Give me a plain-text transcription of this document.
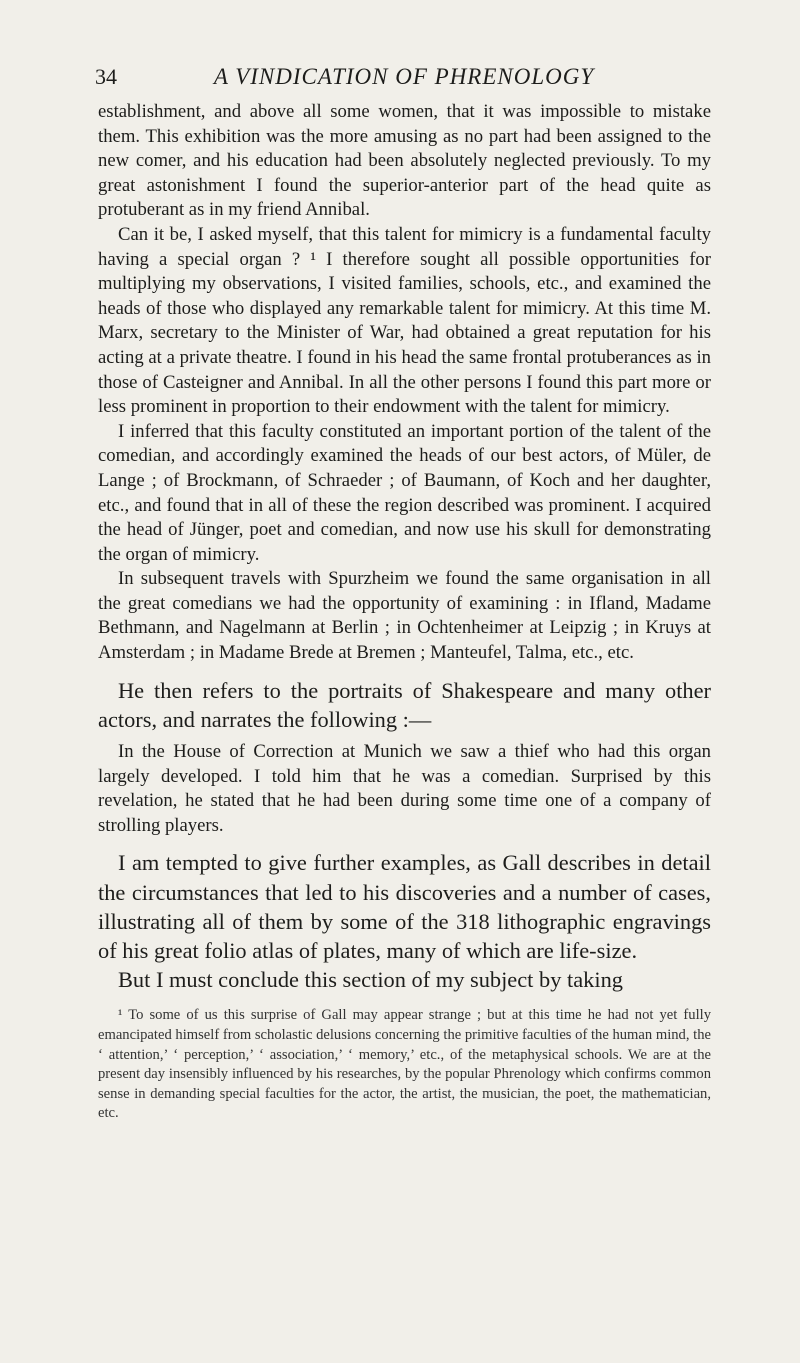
34	A VINDICATION OF PHRENOLOGY

establishment, and above all some women, that it was impossible to mistake them. This exhibition was the more amusing as no part had been assigned to the new comer, and his education had been absolutely neglected previously. To my great astonishment I found the superior-anterior part of the head quite as protuberant as in my friend Annibal.

Can it be, I asked myself, that this talent for mimicry is a fundamental faculty having a special organ ? ¹ I therefore sought all possible opportunities for multiplying my observations, I visited families, schools, etc., and examined the heads of those who displayed any remarkable talent for mimicry. At this time M. Marx, secretary to the Minister of War, had obtained a great reputation for his acting at a private theatre. I found in his head the same frontal protuberances as in those of Casteigner and Annibal. In all the other persons I found this part more or less prominent in proportion to their endowment with the talent for mimicry.

I inferred that this faculty constituted an important portion of the talent of the comedian, and accordingly examined the heads of our best actors, of Müler, de Lange ; of Brockmann, of Schraeder ; of Baumann, of Koch and her daughter, etc., and found that in all of these the region described was prominent. I acquired the head of Jünger, poet and comedian, and now use his skull for demonstrating the organ of mimicry.

In subsequent travels with Spurzheim we found the same organisation in all the great comedians we had the opportunity of examining : in Ifland, Madame Bethmann, and Nagelmann at Berlin ; in Ochtenheimer at Leipzig ; in Kruys at Amsterdam ; in Madame Brede at Bremen ; Manteufel, Talma, etc., etc.

He then refers to the portraits of Shakespeare and many other actors, and narrates the following :—

In the House of Correction at Munich we saw a thief who had this organ largely developed. I told him that he was a comedian. Surprised by this revelation, he stated that he had been during some time one of a company of strolling players.

I am tempted to give further examples, as Gall describes in detail the circumstances that led to his discoveries and a number of cases, illustrating all of them by some of the 318 lithographic engravings of his great folio atlas of plates, many of which are life-size.

But I must conclude this section of my subject by taking

¹ To some of us this surprise of Gall may appear strange ; but at this time he had not yet fully emancipated himself from scholastic delusions concerning the primitive faculties of the human mind, the ‘ attention,’ ‘ perception,’ ‘ association,’ ‘ memory,’ etc., of the metaphysical schools. We are at the present day insensibly influenced by his researches, by the popular Phrenology which confirms common sense in demanding special faculties for the actor, the artist, the musician, the poet, the mathematician, etc.
